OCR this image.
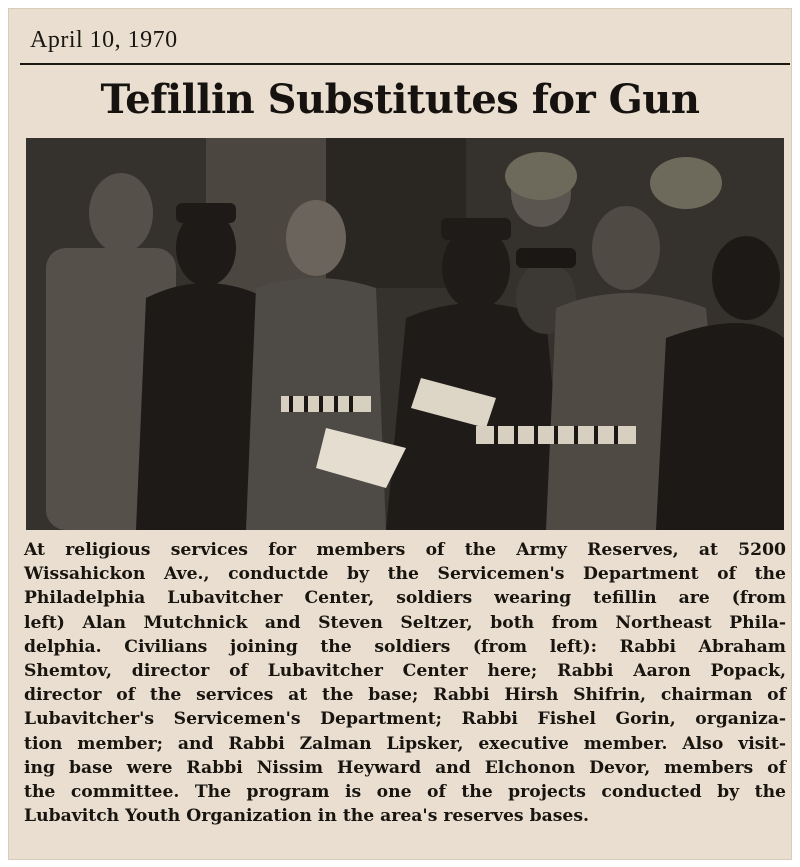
April 10, 1970
Tefillin Substitutes for Gun
At religious services for members of the Army Reserves, at 5200
Wissahickon Ave., conductde by the Servicemen's Department of the
Philadelphia Lubavitcher Center, soldiers wearing tefillin are (from
left) Alan Mutchnick and Steven Seltzer, both from Northeast Phila-
delphia. Civilians joining the soldiers (from left): Rabbi Abraham
Shemtov, director of Lubavitcher Center here; Rabbi Aaron Popack,
director of the services at the base; Rabbi Hirsh Shifrin, chairman of
Lubavitcher's Servicemen's Department; Rabbi Fishel Gorin, organiza-
tion member; and Rabbi Zalman Lipsker, executive member. Also visit-
ing base were Rabbi Nissim Heyward and Elchonon Devor, members of
the committee. The program is one of the projects conducted by the
Lubavitch Youth Organization in the area's reserves bases.
